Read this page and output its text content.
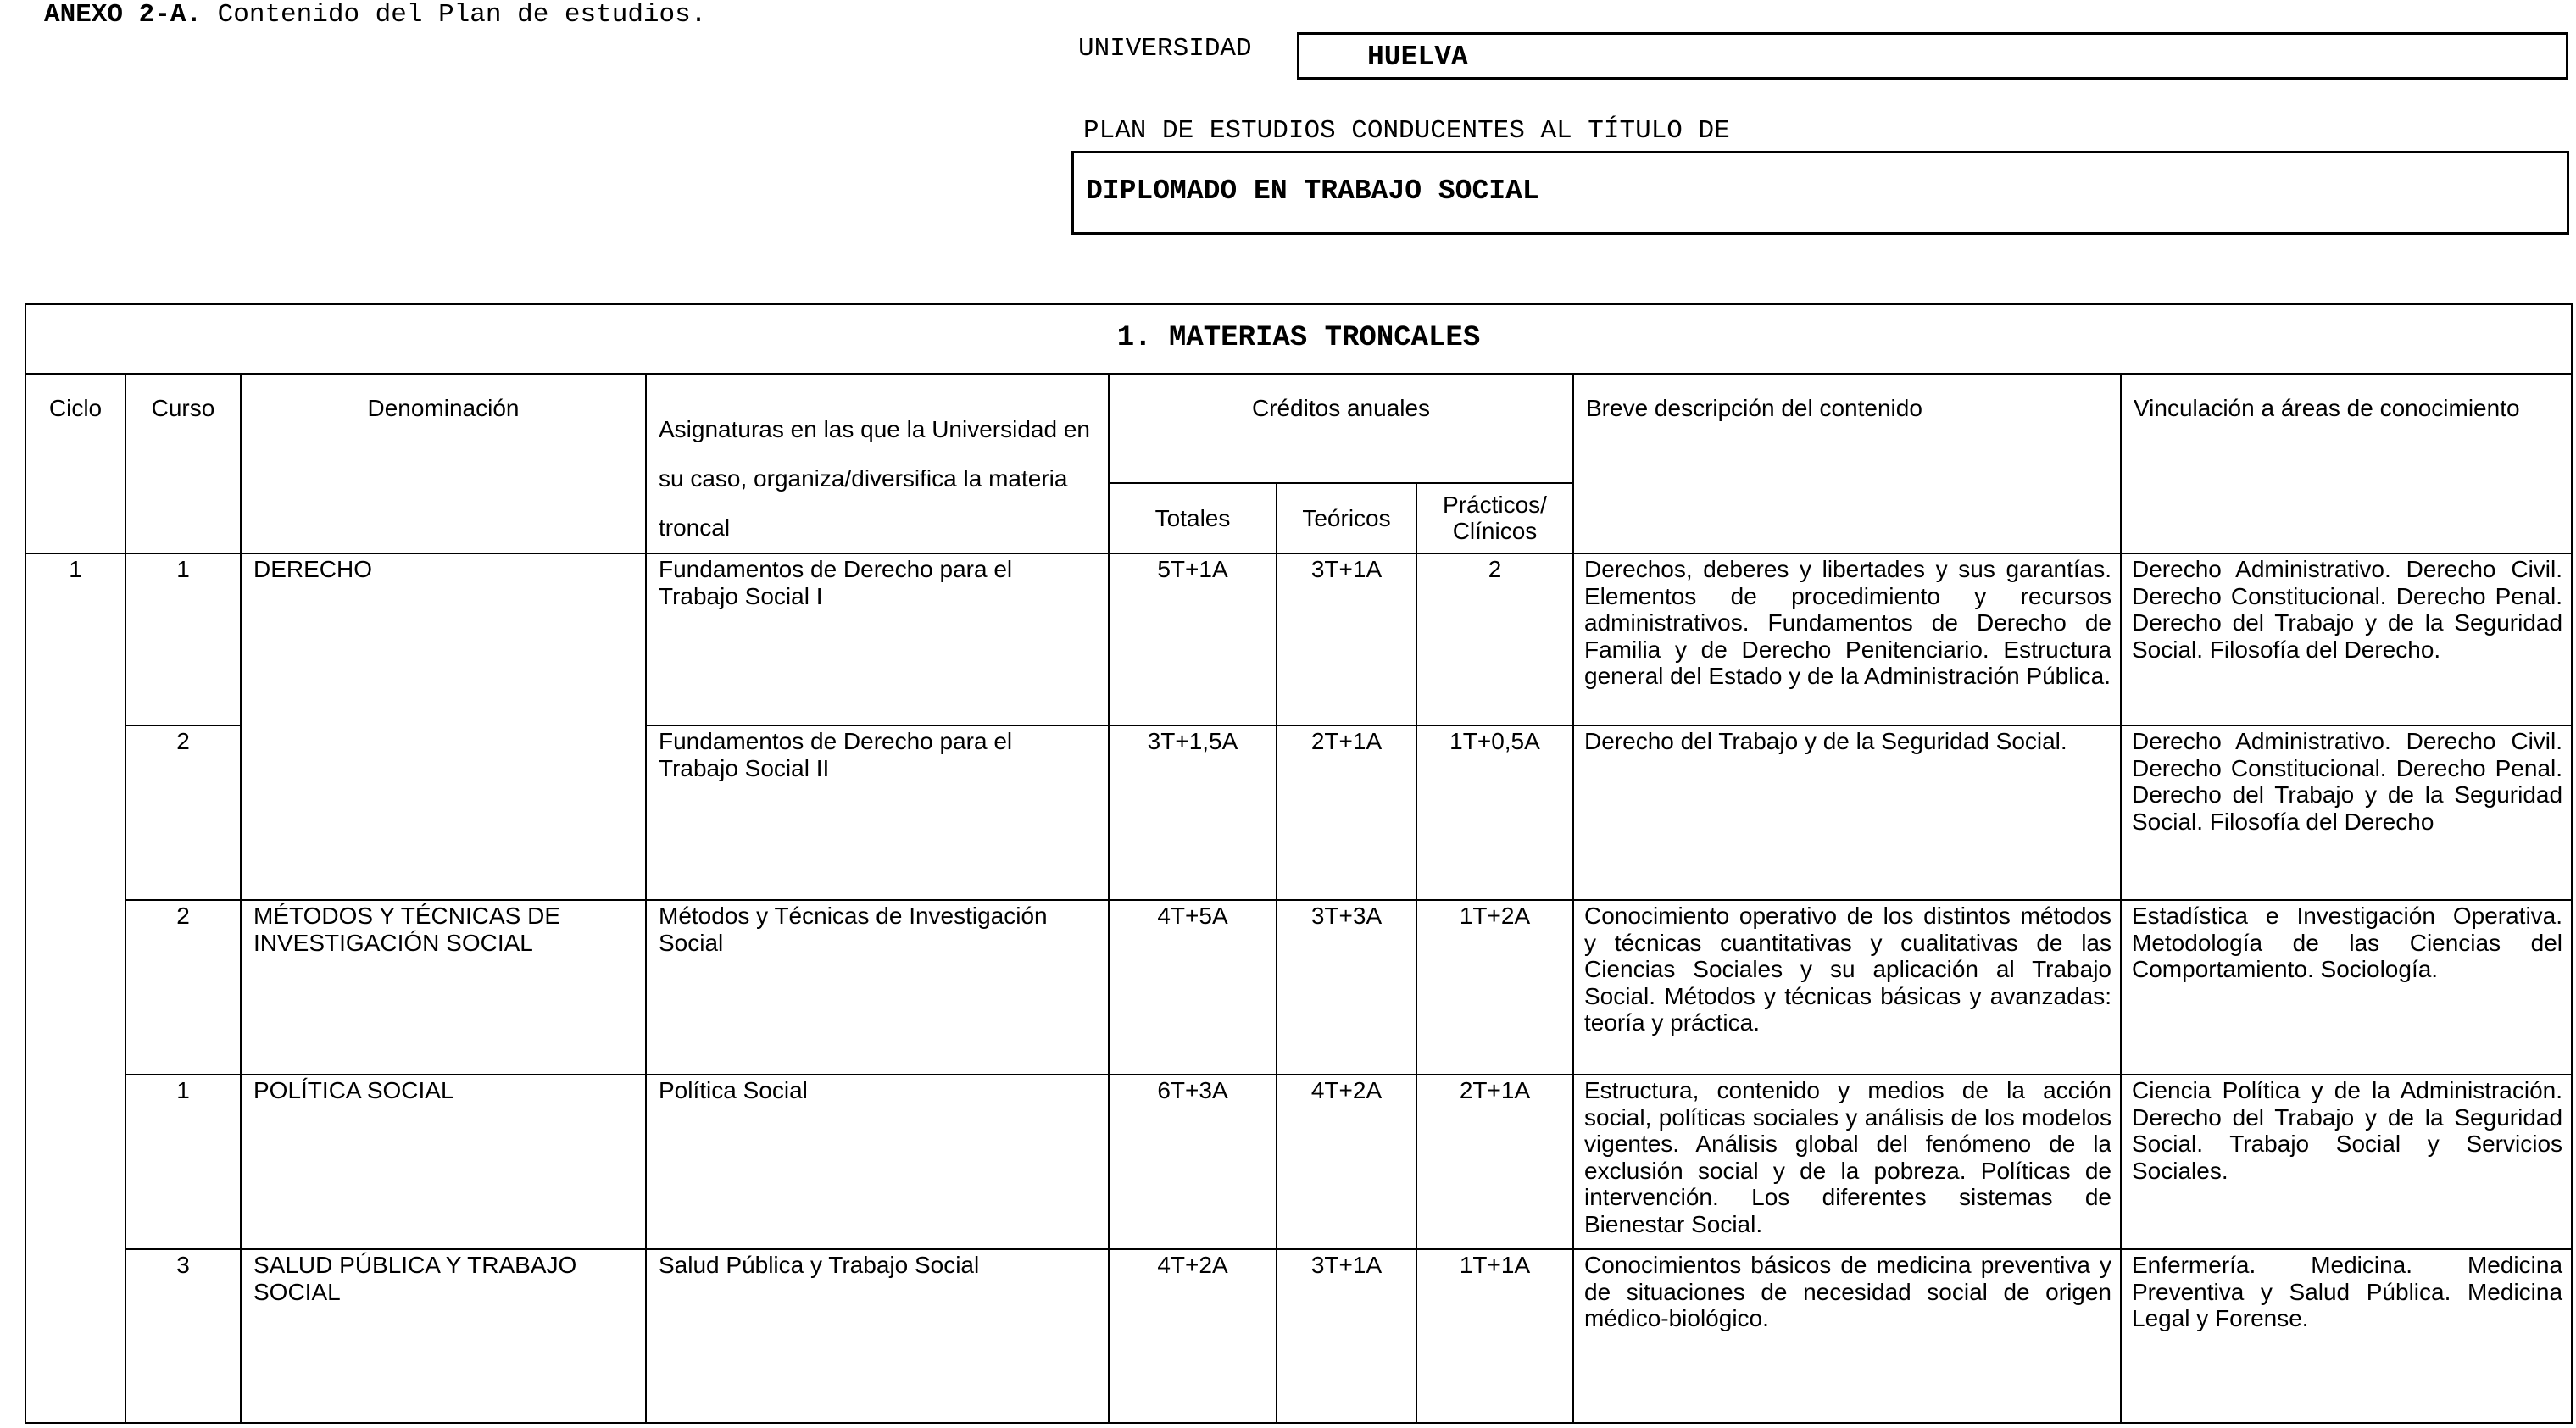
ANEXO 2-A. Contenido del Plan de estudios.
UNIVERSIDAD	HUELVA
PLAN DE ESTUDIOS CONDUCENTES AL TÍTULO DE
DIPLOMADO EN TRABAJO SOCIAL
1. MATERIAS TRONCALES								
Ciclo	Curso	Denominación	Asignaturas en las que la Universidad en su caso, organiza/diversifica la materia troncal	Créditos anuales			Breve descripción del contenido	Vinculación a áreas de conocimiento
				Totales	Teóricos	Prácticos/ Clínicos		
1	1	DERECHO	Fundamentos de Derecho para el Trabajo Social I	5T+1A	3T+1A	2	Derechos, deberes y libertades y sus garantías. Elementos de procedimiento y recursos administrativos. Fundamentos de Derecho de Familia y de Derecho Penitenciario. Estructura general del Estado y de la Administración Pública.	Derecho Administrativo. Derecho Civil. Derecho Constitucional. Derecho Penal. Derecho del Trabajo y de la Seguridad Social. Filosofía del Derecho.
	2		Fundamentos de Derecho para el Trabajo Social II	3T+1,5A	2T+1A	1T+0,5A	Derecho del Trabajo y de la Seguridad Social.	Derecho Administrativo. Derecho Civil. Derecho Constitucional. Derecho Penal. Derecho del Trabajo y de la Seguridad Social. Filosofía del Derecho
	2	MÉTODOS Y TÉCNICAS DE INVESTIGACIÓN SOCIAL	Métodos y Técnicas de Investigación Social	4T+5A	3T+3A	1T+2A	Conocimiento operativo de los distintos métodos y técnicas cuantitativas y cualitativas de las Ciencias Sociales y su aplicación al Trabajo Social. Métodos y técnicas básicas y avanzadas: teoría y práctica.	Estadística e Investigación Operativa. Metodología de las Ciencias del Comportamiento. Sociología.
	1	POLÍTICA SOCIAL	Política Social	6T+3A	4T+2A	2T+1A	Estructura, contenido y medios de la acción social, políticas sociales y análisis de los modelos vigentes. Análisis global del fenómeno de la exclusión social y de la pobreza. Políticas de intervención. Los diferentes sistemas de Bienestar Social.	Ciencia Política y de la Administración. Derecho del Trabajo y de la Seguridad Social. Trabajo Social y Servicios Sociales.
	3	SALUD PÚBLICA Y TRABAJO SOCIAL	Salud Pública y Trabajo Social	4T+2A	3T+1A	1T+1A	Conocimientos básicos de medicina preventiva y de situaciones de necesidad social de origen médico-biológico.	Enfermería. Medicina. Medicina Preventiva y Salud Pública. Medicina Legal y Forense.
